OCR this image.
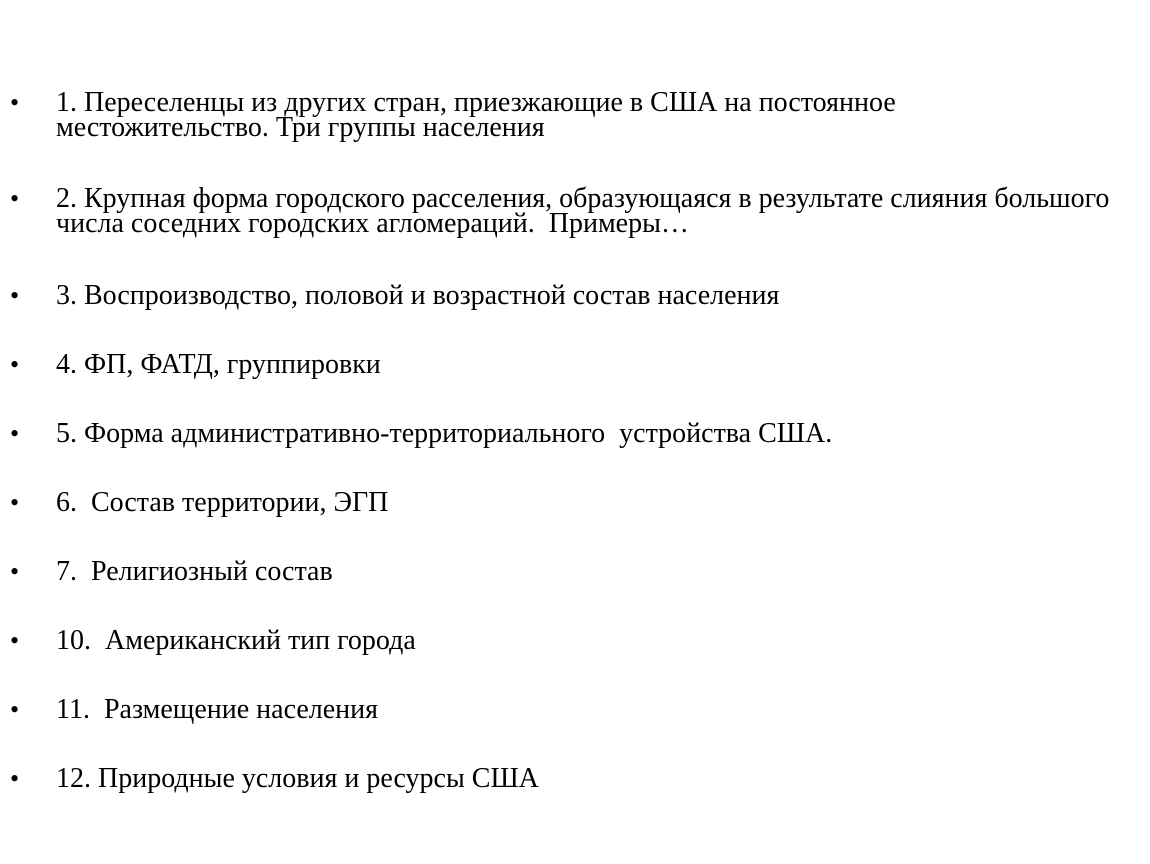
• 1. Переселенцы из других стран, приезжающие в США на постоянное местожительство. Три группы населения
• 2. Крупная форма городского расселения, образующаяся в результате слияния большого числа соседних городских агломераций.  Примеры…
• 3. Воспроизводство, половой и возрастной состав населения
• 4. ФП, ФАТД, группировки
• 5. Форма административно-территориального  устройства США.
• 6.  Состав территории, ЭГП
• 7.  Религиозный состав
• 10.  Американский тип города
• 11.  Размещение населения
• 12. Природные условия и ресурсы США
